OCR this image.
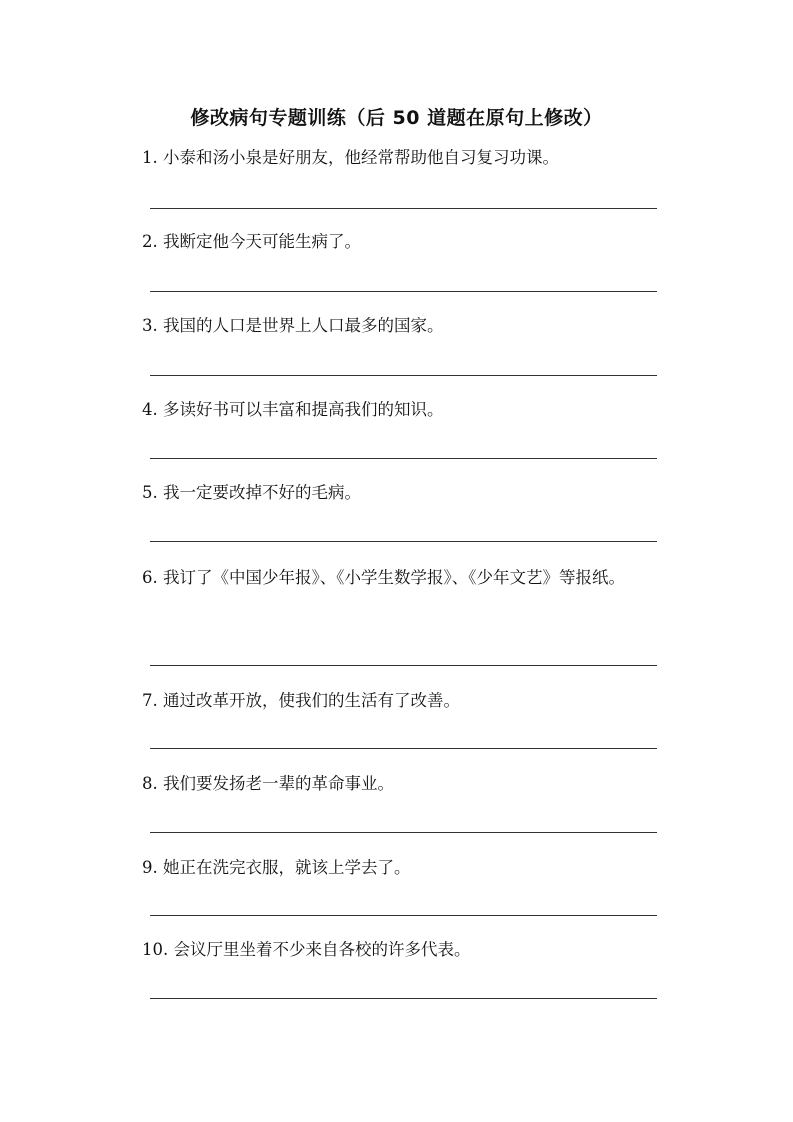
修改病句专题训练（后 50 道题在原句上修改）
1. 小泰和汤小泉是好朋友，他经常帮助他自习复习功课。
2. 我断定他今天可能生病了。
3. 我国的人口是世界上人口最多的国家。
4. 多读好书可以丰富和提高我们的知识。
5. 我一定要改掉不好的毛病。
6. 我订了《中国少年报》、《小学生数学报》、《少年文艺》等报纸。
7. 通过改革开放，使我们的生活有了改善。
8. 我们要发扬老一辈的革命事业。
9. 她正在洗完衣服，就该上学去了。
10. 会议厅里坐着不少来自各校的许多代表。
